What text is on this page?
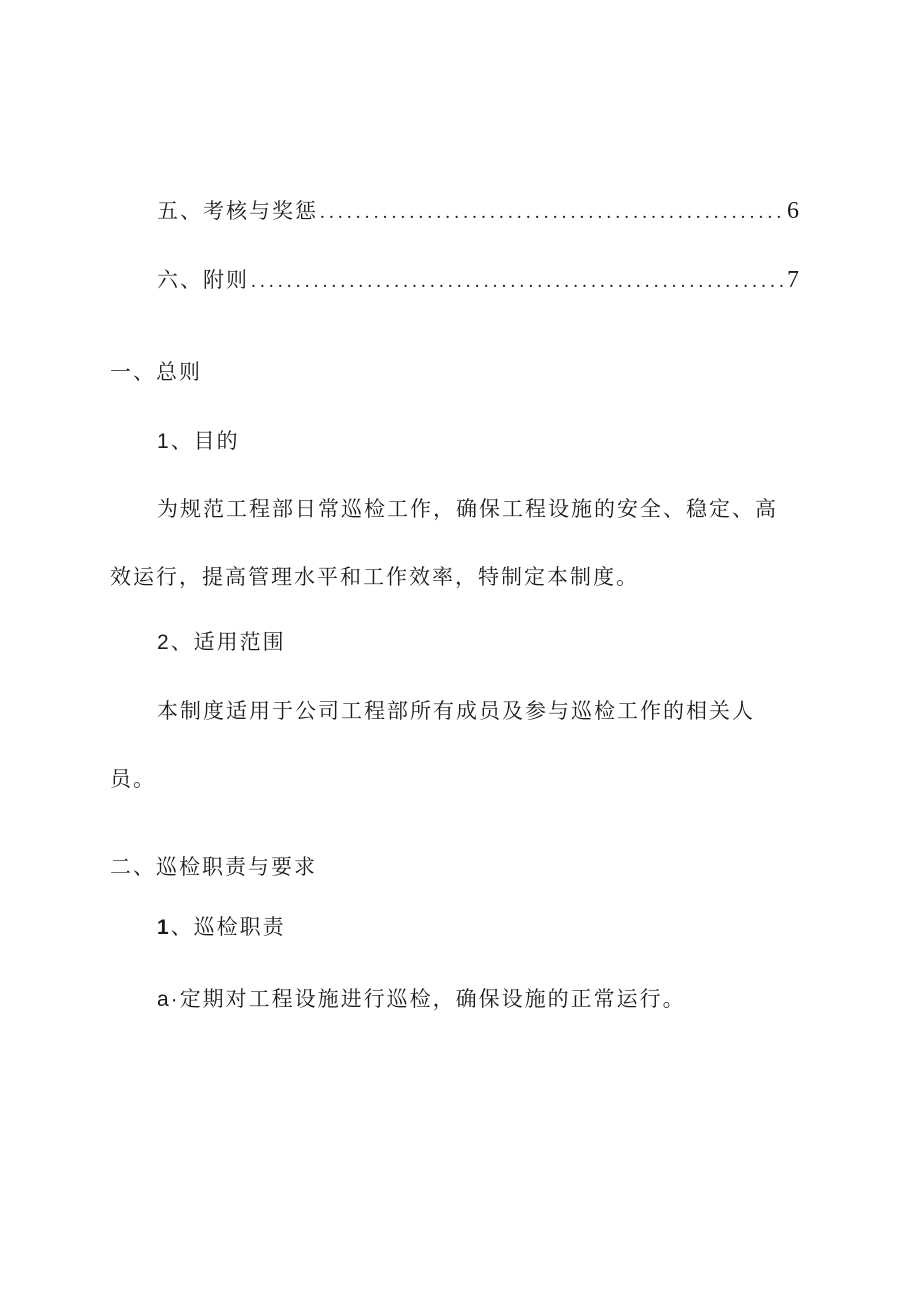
五、考核与奖惩 .....	6
六、附则 .....	7
一、总则
1、目的
为规范工程部日常巡检工作，确保工程设施的安全、稳定、高
效运行，提高管理水平和工作效率，特制定本制度。
2、适用范围
本制度适用于公司工程部所有成员及参与巡检工作的相关人
员。
二、巡检职责与要求
1、巡检职责
a·定期对工程设施进行巡检，确保设施的正常运行。
